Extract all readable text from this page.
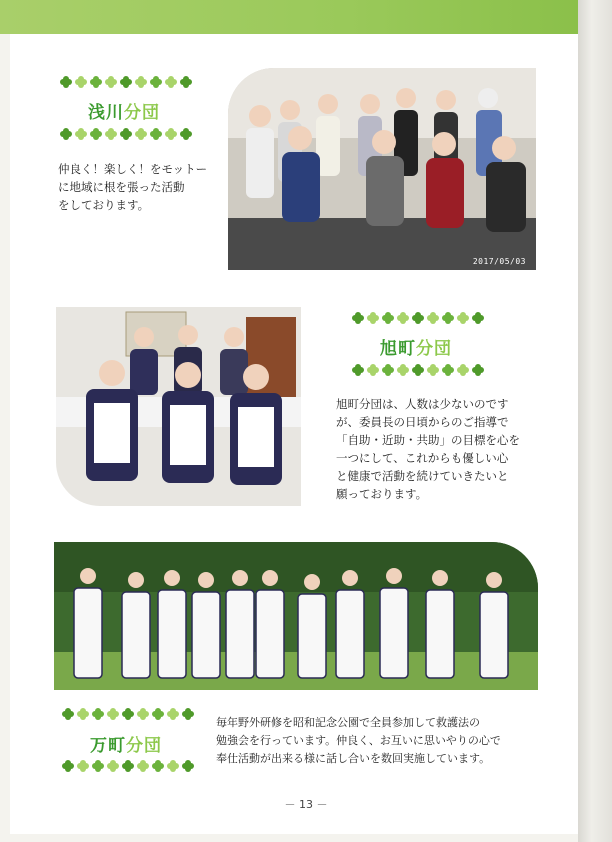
浅川分団
仲良く！楽しく！をモットー
に地域に根を張った活動
をしております。
2017/05/03
旭町分団
旭町分団は、人数は少ないのです
が、委員長の日頃からのご指導で
「自助・近助・共助」の目標を心を
一つにして、これからも優しい心
と健康で活動を続けていきたいと
願っております。
万町分団
毎年野外研修を昭和記念公園で全員参加して救護法の
勉強会を行っています。仲良く、お互いに思いやりの心で
奉仕活動が出来る様に話し合いを数回実施しています。
－ 13 －
